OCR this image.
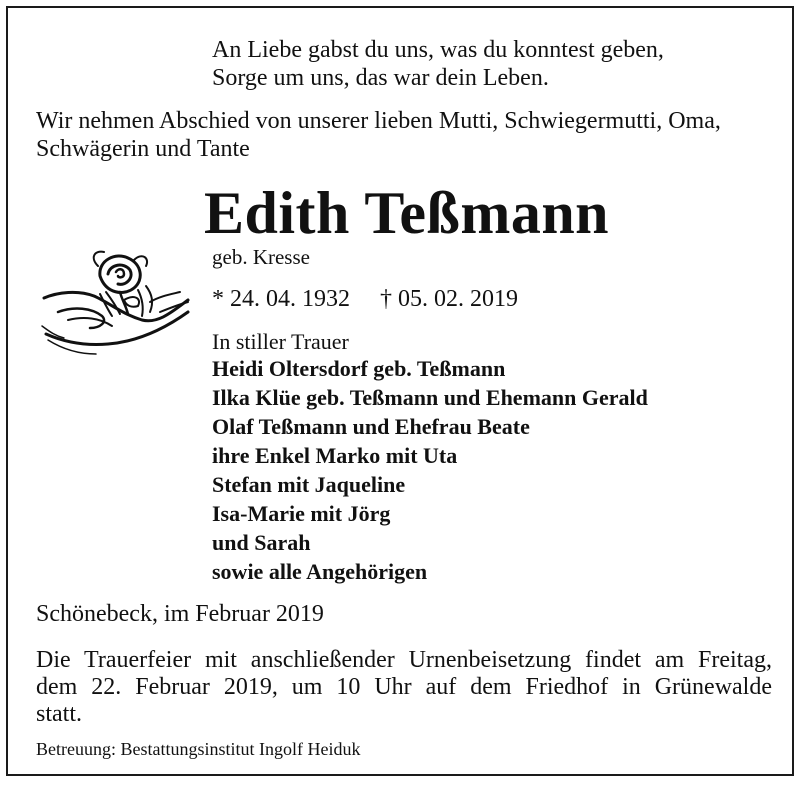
An Liebe gabst du uns, was du konntest geben,
Sorge um uns, das war dein Leben.
Wir nehmen Abschied von unserer lieben Mutti, Schwiegermutti, Oma,
Schwägerin und Tante
Edith Teßmann
geb. Kresse
* 24. 04. 1932 † 05. 02. 2019
In stiller Trauer
Heidi Oltersdorf geb. Teßmann
Ilka Klüe geb. Teßmann und Ehemann Gerald
Olaf Teßmann und Ehefrau Beate
ihre Enkel Marko mit Uta
Stefan mit Jaqueline
Isa-Marie mit Jörg
und Sarah
sowie alle Angehörigen
Schönebeck, im Februar 2019
Die Trauerfeier mit anschließender Urnenbeisetzung findet am Freitag,
dem 22. Februar 2019, um 10 Uhr auf dem Friedhof in Grünewalde
statt.
Betreuung: Bestattungsinstitut Ingolf Heiduk
